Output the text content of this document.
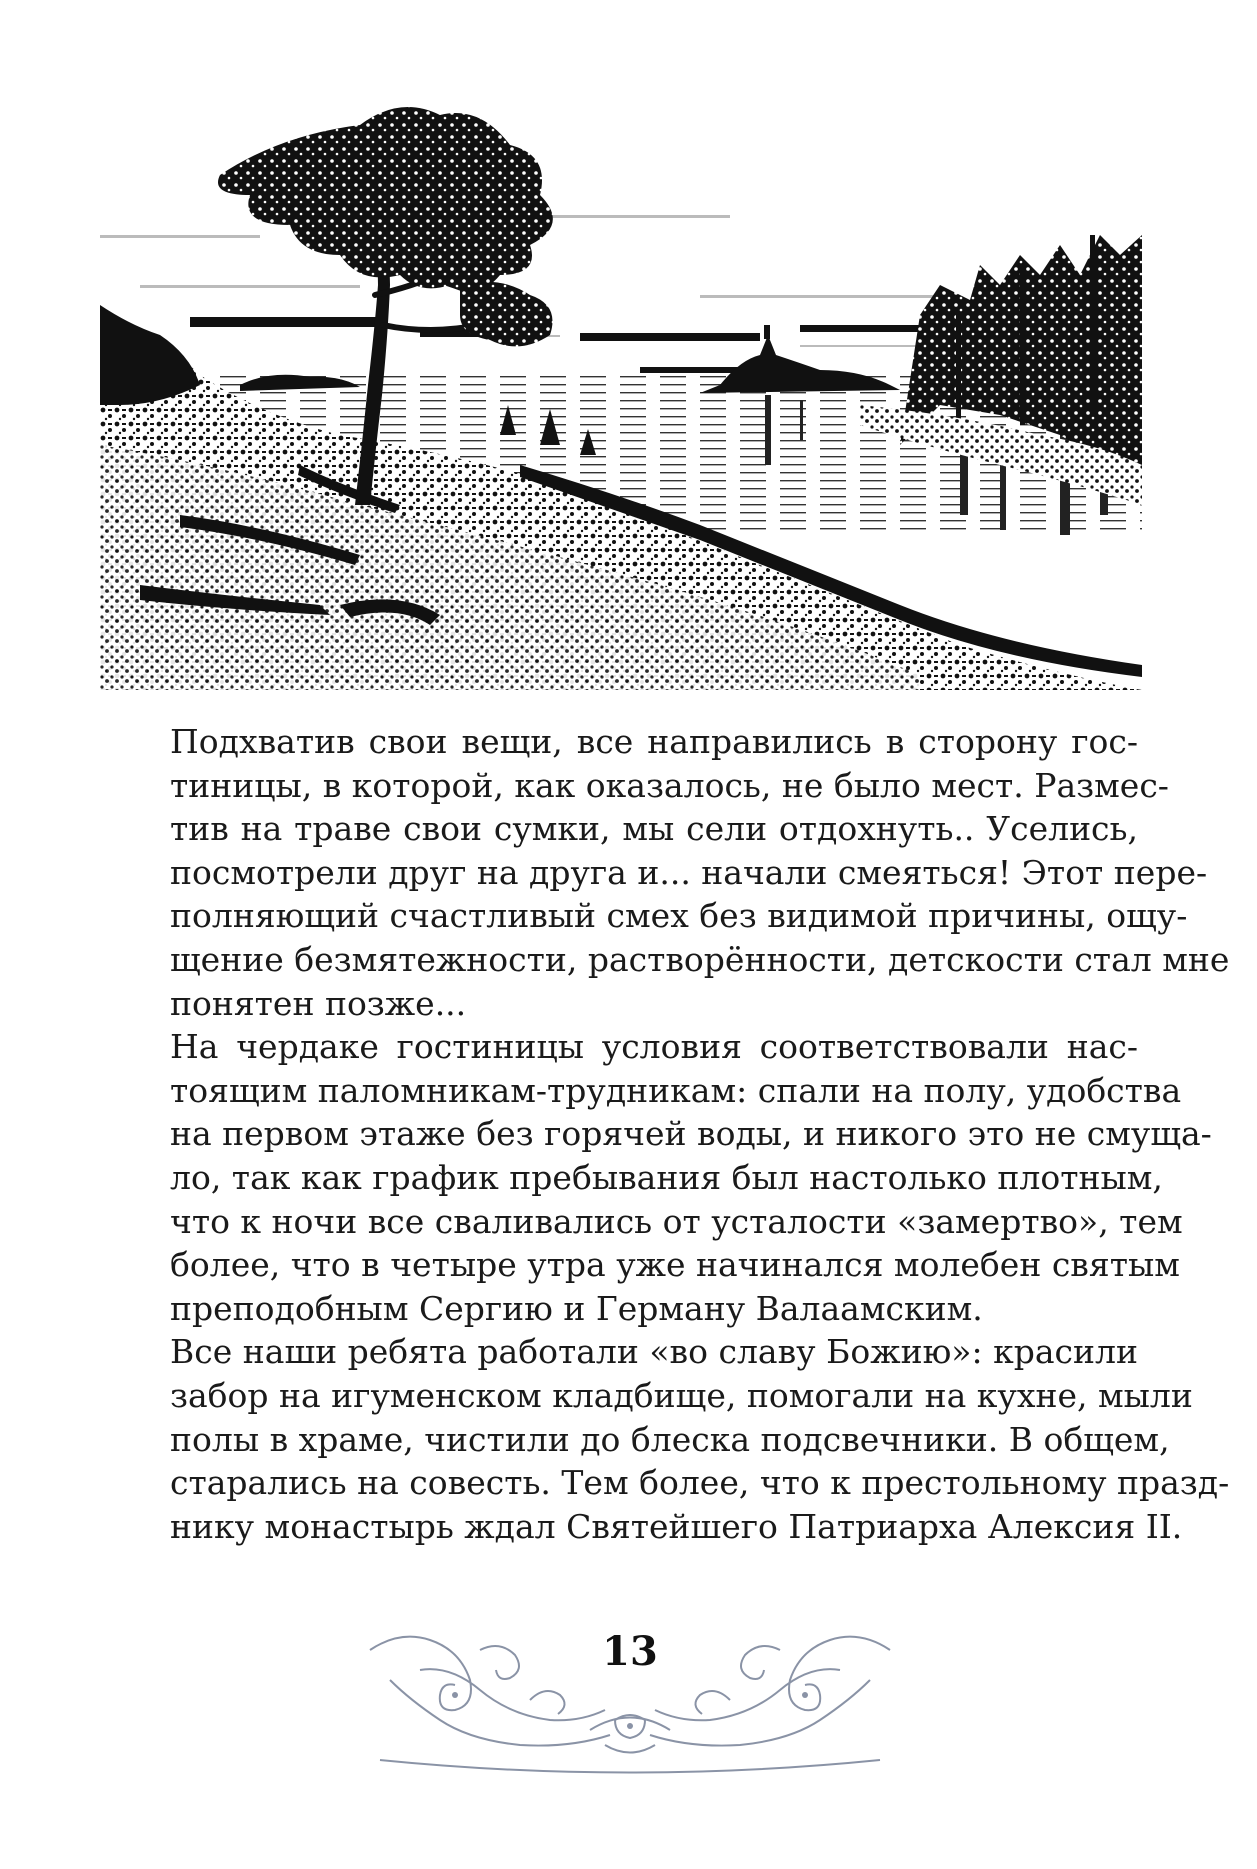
Подхватив свои вещи, все направились в сторону гос-
тиницы, в которой, как оказалось, не было мест. Размес-
тив на траве свои сумки, мы сели отдохнуть.. Уселись,
посмотрели друг на друга и... начали смеяться! Этот пере-
полняющий счастливый смех без видимой причины, ощу-
щение безмятежности, растворённости, детскости стал мне
понятен позже...

На чердаке гостиницы условия соответствовали нас-
тоящим паломникам-трудникам: спали на полу, удобства
на первом этаже без горячей воды, и никого это не смуща-
ло, так как график пребывания был настолько плотным,
что к ночи все сваливались от усталости «замертво», тем
более, что в четыре утра уже начинался молебен святым
преподобным Сергию и Герману Валаамским.

Все наши ребята работали «во славу Божию»: красили
забор на игуменском кладбище, помогали на кухне, мыли
полы в храме, чистили до блеска подсвечники. В общем,
старались на совесть. Тем более, что к престольному празд-
нику монастырь ждал Святейшего Патриарха Алексия II.

13
